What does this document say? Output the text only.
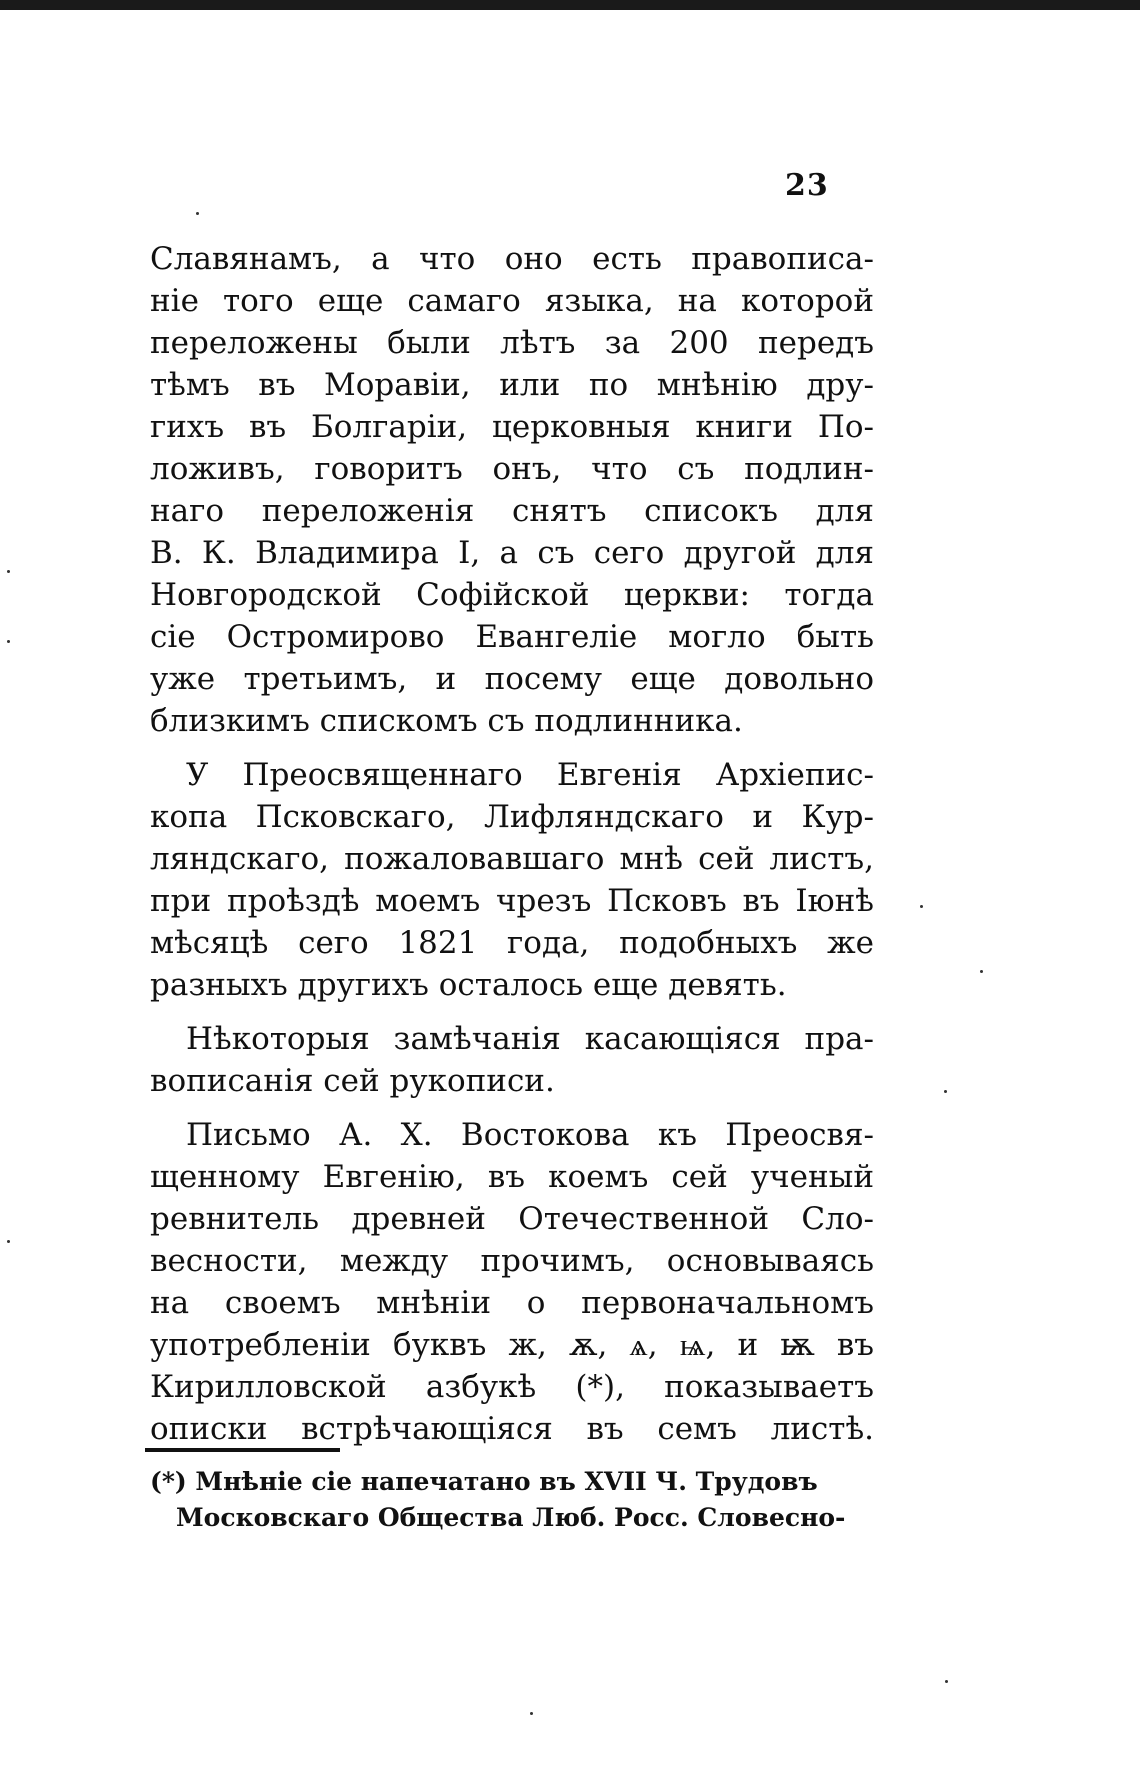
23
Славянамъ, а что оно есть правописа-
ніе того еще самаго языка, на которой
переложены были лѣтъ за 200 передъ
тѣмъ въ Моравіи, или по мнѣнію дру-
гихъ въ Болгаріи, церковныя книги По-
ложивъ, говоритъ онъ, что съ подлин-
наго переложенія снятъ списокъ для
В. К. Владимира І, а съ сего другой для
Новгородской Софійской церкви: тогда
сіе Остромирово Евангеліе могло быть
уже третьимъ, и посему еще довольно
близкимъ спискомъ съ подлинника.
У Преосвященнаго Евгенія Архіепис-
копа Псковскаго, Лифляндскаго и Кур-
ляндскаго, пожаловавшаго мнѣ сей листъ,
при проѣздѣ моемъ чрезъ Псковъ въ Іюнѣ
мѣсяцѣ сего 1821 года, подобныхъ же
разныхъ другихъ осталось еще девять.
Нѣкоторыя замѣчанія касающіяся пра-
вописанія сей рукописи.
Письмо А. Х. Востокова къ Преосвя-
щенному Евгенію, въ коемъ сей ученый
ревнитель древней Отечественной Сло-
весности, между прочимъ, основываясь
на своемъ мнѣніи о первоначальномъ
употребленіи буквъ ж, ѫ, ѧ, ѩ, и ѭ въ
Кирилловской азбукѣ (*), показываетъ
описки встрѣчающіяся въ семъ листѣ.
(*) Мнѣніе сіе напечатано въ XVII Ч. Трудовъ
Московскаго Общества Люб. Росс. Словесно-
